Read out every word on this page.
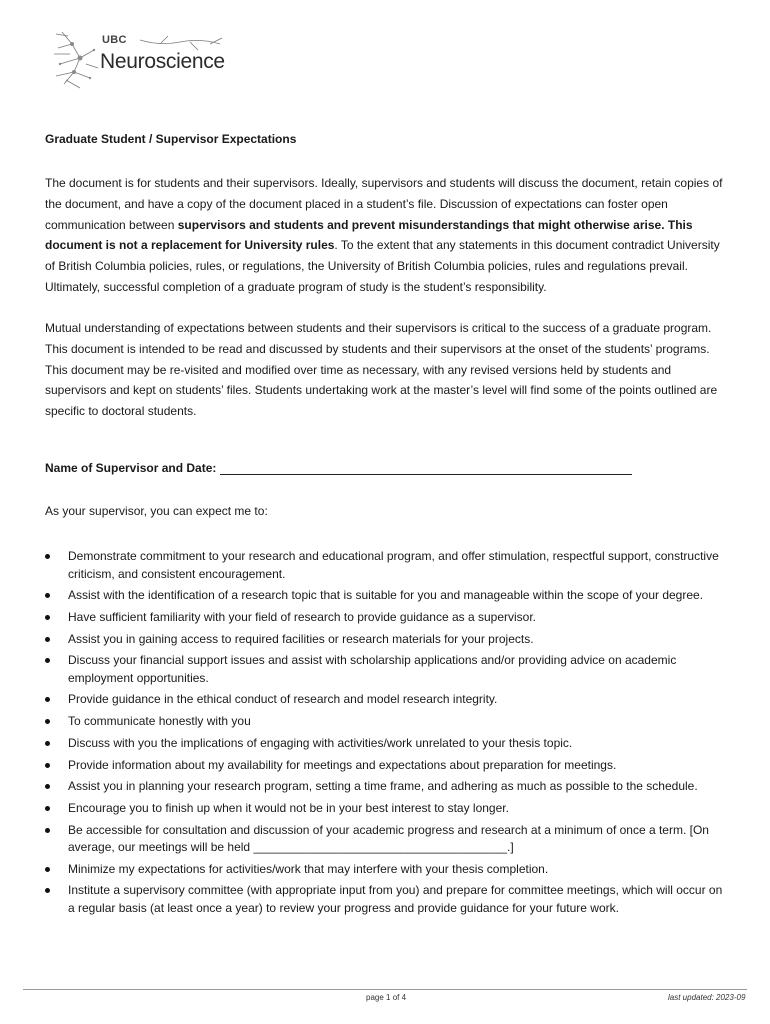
UBC
Neuroscience
Graduate Student / Supervisor Expectations

The document is for students and their supervisors. Ideally, supervisors and students will discuss the document, retain copies of the document, and have a copy of the document placed in a student’s file. Discussion of expectations can foster open communication between supervisors and students and prevent misunderstandings that might otherwise arise. This document is not a replacement for University rules. To the extent that any statements in this document contradict University of British Columbia policies, rules, or regulations, the University of British Columbia policies, rules and regulations prevail. Ultimately, successful completion of a graduate program of study is the student’s responsibility.

Mutual understanding of expectations between students and their supervisors is critical to the success of a graduate program. This document is intended to be read and discussed by students and their supervisors at the onset of the students’ programs. This document may be re-visited and modified over time as necessary, with any revised versions held by students and supervisors and kept on students’ files. Students undertaking work at the master’s level will find some of the points outlined are specific to doctoral students.

Name of Supervisor and Date:
As your supervisor, you can expect me to:
Demonstrate commitment to your research and educational program, and offer stimulation, respectful support, constructive criticism, and consistent encouragement.
Assist with the identification of a research topic that is suitable for you and manageable within the scope of your degree.
Have sufficient familiarity with your field of research to provide guidance as a supervisor.
Assist you in gaining access to required facilities or research materials for your projects.
Discuss your financial support issues and assist with scholarship applications and/or providing advice on academic employment opportunities.
Provide guidance in the ethical conduct of research and model research integrity.
To communicate honestly with you
Discuss with you the implications of engaging with activities/work unrelated to your thesis topic.
Provide information about my availability for meetings and expectations about preparation for meetings.
Assist you in planning your research program, setting a time frame, and adhering as much as possible to the schedule.
Encourage you to finish up when it would not be in your best interest to stay longer.
Be accessible for consultation and discussion of your academic progress and research at a minimum of once a term. [On average, our meetings will be held ______________________________________.]
Minimize my expectations for activities/work that may interfere with your thesis completion.
Institute a supervisory committee (with appropriate input from you) and prepare for committee meetings, which will occur on a regular basis (at least once a year) to review your progress and provide guidance for your future work.
page 1 of 4	last updated: 2023-09
